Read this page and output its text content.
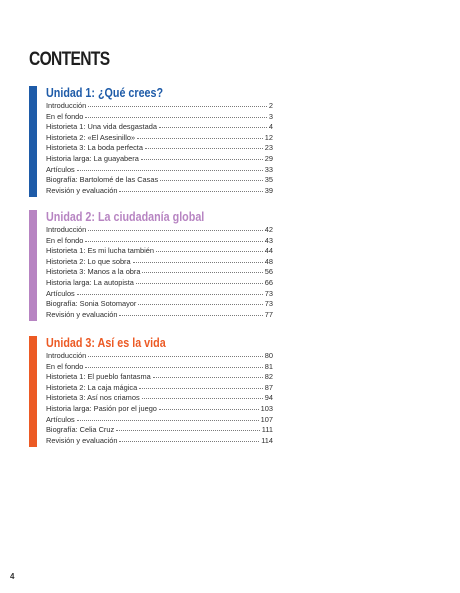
CONTENTS
Unidad 1: ¿Qué crees?
Introducción	2
En el fondo	3
Historieta 1: Una vida desgastada	4
Historieta 2: «El Asesinillo»	12
Historieta 3: La boda perfecta	23
Historia larga: La guayabera	29
Artículos	33
Biografía: Bartolomé de las Casas	35
Revisión y evaluación	39
Unidad 2: La ciudadanía global
Introducción	42
En el fondo	43
Historieta 1: Es mi lucha también	44
Historieta 2: Lo que sobra	48
Historieta 3: Manos a la obra	56
Historia larga: La autopista	66
Artículos	73
Biografía: Sonia Sotomayor	73
Revisión y evaluación	77
Unidad 3: Así es la vida
Introducción	80
En el fondo	81
Historieta 1: El pueblo fantasma	82
Historieta 2: La caja mágica	87
Historieta 3: Así nos criamos	94
Historia larga: Pasión por el juego	103
Artículos	107
Biografía: Celia Cruz	111
Revisión y evaluación	114
4
